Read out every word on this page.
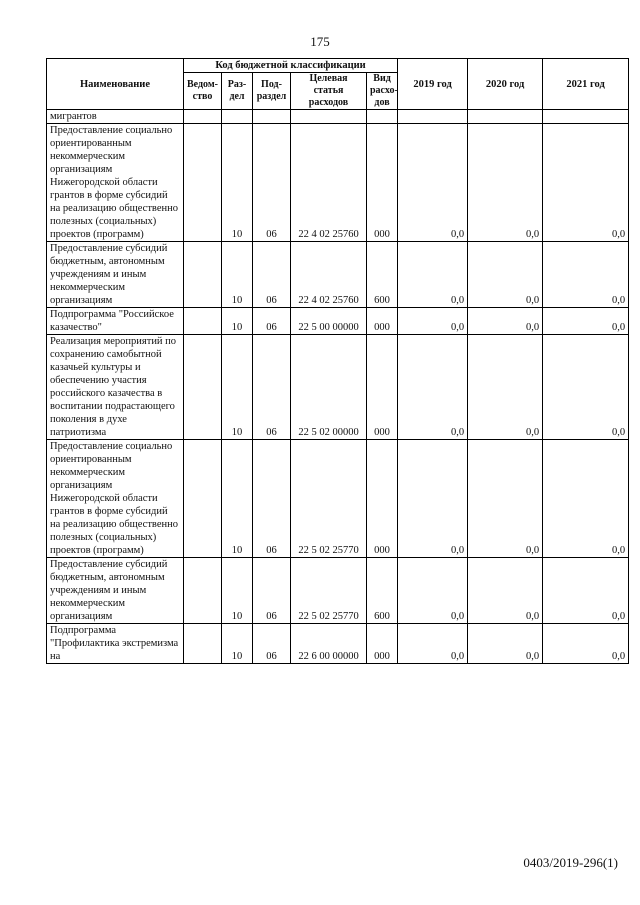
175
Наименование	Код бюджетной классификации					2019 год	2020 год	2021 год
	Ведом-ство	Раз-дел	Под-раздел	Целевая статья расходов	Вид расхо-дов			
мигрантов								
Предоставление социально ориентированным некоммерческим организациям Нижегородской области грантов в форме субсидий на реализацию общественно полезных (социальных) проектов (программ)		10	06	22 4 02 25760	000	0,0	0,0	0,0
Предоставление субсидий бюджетным, автономным учреждениям и иным некоммерческим организациям		10	06	22 4 02 25760	600	0,0	0,0	0,0
Подпрограмма "Российское казачество"		10	06	22 5 00 00000	000	0,0	0,0	0,0
Реализация мероприятий по сохранению самобытной казачьей культуры и обеспечению участия российского казачества в воспитании подрастающего поколения в духе патриотизма		10	06	22 5 02 00000	000	0,0	0,0	0,0
Предоставление социально ориентированным некоммерческим организациям Нижегородской области грантов в форме субсидий на реализацию общественно полезных (социальных) проектов (программ)		10	06	22 5 02 25770	000	0,0	0,0	0,0
Предоставление субсидий бюджетным, автономным учреждениям и иным некоммерческим организациям		10	06	22 5 02 25770	600	0,0	0,0	0,0
Подпрограмма "Профилактика экстремизма на		10	06	22 6 00 00000	000	0,0	0,0	0,0
0403/2019-296(1)
